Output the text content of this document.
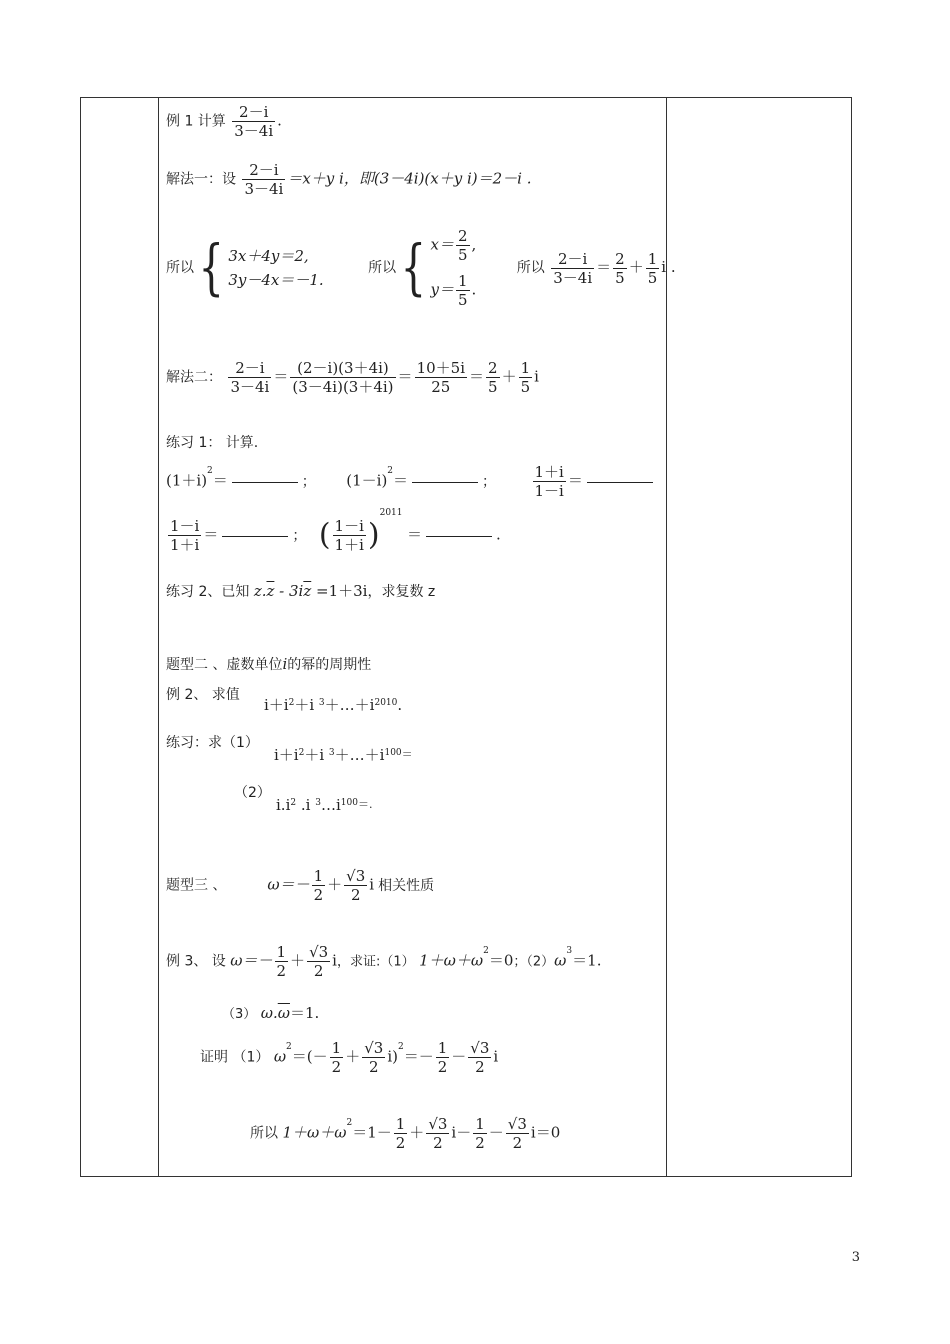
例 1 计算 $\frac{2-i}{3-4i}$ .
解法一：设 $\frac{2-i}{3-4i} =x+y$ i，即(3－4i)(x＋y i)＝2－i .
所以 { 3x＋4y＝2,
3y－4x＝－1.
所以 { $x= \frac{2}{5}$ ,
$y= \frac{1}{5}$ .
所以 $\frac{2-i}{3-4i} = \frac{2}{5} + \frac{1}{5}$ i .
解法二： $\frac{2-i}{3-4i} = \frac{(2-i)(3+4i)}{(3-4i)(3+4i)} = \frac{10+5i}{25} = \frac{2}{5} + \frac{1}{5}$ i
练习 1： 计算.
$(1+i)^2=$	； $(1-i)^2=$	； $\frac{1+i}{1-i}$ ＝
$\frac{1-i}{1+i}$ ＝	； ( $\frac{1-i}{1+i} )^{2011}$ ＝	.
练习 2、已知 $z.\overline{z} - 3i\overline{z} =1+3i$，求复数 z
题型二 、虚数单位i的幂的周期性
例 2、 求值
$i+i^2+i$ $^3+\dots+i^{2010}$.
练习：求（1）
$i+i^2+i$ $^3+\dots+i^{100=}$
（2）
$i.i^2$ .i $^3\dots i^{100=.}$
题型三 、	$\omega=- \frac{1}{2} + \frac{√3}{2}$ i 相关性质
例 3、 设 $\omega=- \frac{1}{2} + \frac{√3}{2}$ i，求证:（1） $1+\omega+\omega^2=0$；$(2)\omega^3=1$.
（3） $\omega.\overline{\omega}=1$.
证明 （1） $\omega^2=(- \frac{1}{2} + \frac{√3}{2} i)^2=- \frac{1}{2} - \frac{√3}{2}$ i
所以 $1+\omega+\omega^2=1- \frac{1}{2} + \frac{√3}{2} i- \frac{1}{2} - \frac{√3}{2} i=0$
3
